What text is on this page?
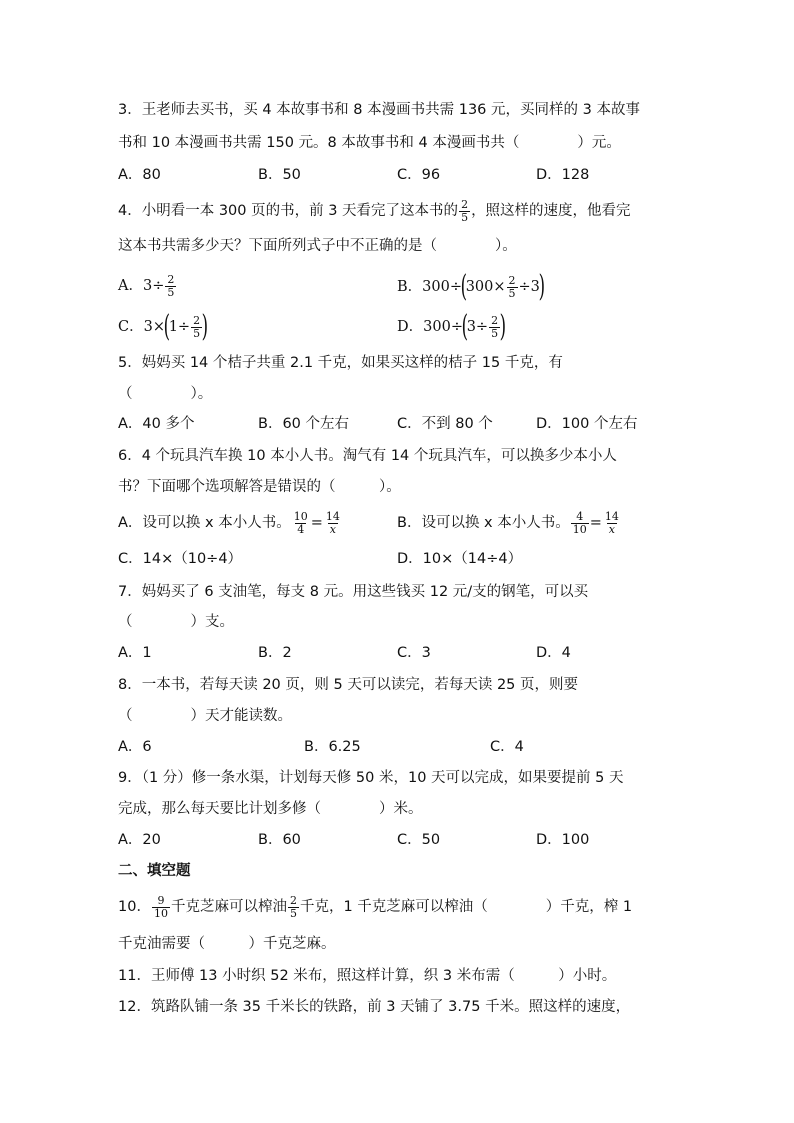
3．王老师去买书，买 4 本故事书和 8 本漫画书共需 136 元，买同样的 3 本故事
书和 10 本漫画书共需 150 元。8 本故事书和 4 本漫画书共（　　　　）元。
A．80	B．50	C．96	D．128
4．小明看一本 300 页的书，前 3 天看完了这本书的 $\frac{2}{5}$ ，照这样的速度，他看完
这本书共需多少天？下面所列式子中不正确的是（　　　　）。
A．$3\div \frac{2}{5}$	B．$300\div(300\times \frac{2}{5} \div 3)$
C．$3\times(1\div \frac{2}{5}$ )	D．$300\div(3\div \frac{2}{5}$ )
5．妈妈买 14 个桔子共重 2.1 千克，如果买这样的桔子 15 千克，有
（　　　　）。
A．40 多个	B．60 个左右	C．不到 80 个	D．100 个左右
6．4 个玩具汽车换 10 本小人书。淘气有 14 个玩具汽车，可以换多少本小人
书？下面哪个选项解答是错误的（　　　）。
A．设可以换 x 本小人书。 $\frac{10}{4} = \frac{14}{x}$	B．设可以换 x 本小人书。 $\frac{4}{10} = \frac{14}{x}$
C．14×（10÷4）	D．10×（14÷4）
7．妈妈买了 6 支油笔，每支 8 元。用这些钱买 12 元/支的钢笔，可以买
（　　　　）支。
A．1	B．2	C．3	D．4
8．一本书，若每天读 20 页，则 5 天可以读完，若每天读 25 页，则要
（　　　　）天才能读数。
A．6	B．6.25	C．4
9．（1 分）修一条水渠，计划每天修 50 米，10 天可以完成，如果要提前 5 天
完成，那么每天要比计划多修（　　　　）米。
A．20	B．60	C．50	D．100
二、填空题
10． $\frac{9}{10}$ 千克芝麻可以榨油 $\frac{2}{5}$ 千克，1 千克芝麻可以榨油（　　　　）千克，榨 1
千克油需要（　　　）千克芝麻。
11．王师傅 13 小时织 52 米布，照这样计算，织 3 米布需（　　　）小时。
12．筑路队铺一条 35 千米长的铁路，前 3 天铺了 3.75 千米。照这样的速度，
